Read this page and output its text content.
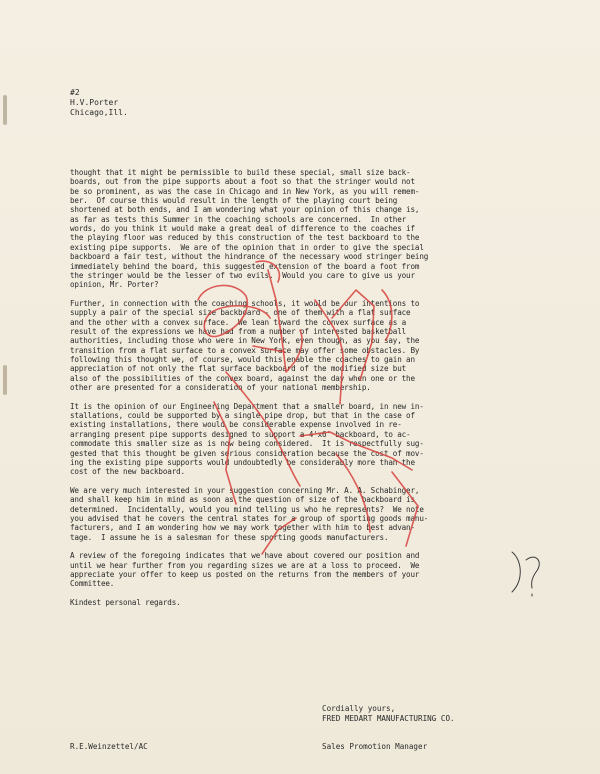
#2
H.V.Porter
Chicago,Ill.
thought that it might be permissible to build these special, small size back-
boards, out from the pipe supports about a foot so that the stringer would not
be so prominent, as was the case in Chicago and in New York, as you will remem-
ber.  Of course this would result in the length of the playing court being
shortened at both ends, and I am wondering what your opinion of this change is,
as far as tests this Summer in the coaching schools are concerned.  In other
words, do you think it would make a great deal of difference to the coaches if
the playing floor was reduced by this construction of the test backboard to the
existing pipe supports.  We are of the opinion that in order to give the special
backboard a fair test, without the hindrance of the necessary wood stringer being
immediately behind the board, this suggested extension of the board a foot from
the stringer would be the lesser of two evils.  Would you care to give us your
opinion, Mr. Porter?
Further, in connection with the coaching schools, it would be our intentions to
supply a pair of the special size backboard - one of them with a flat surface
and the other with a convex surface.  We lean toward the convex surface as a
result of the expressions we have had from a number of interested basketball
authorities, including those who were in New York, even though, as you say, the
transition from a flat surface to a convex surface may offer some obstacles. By
following this thought we, of course, would this enable the coaches to gain an
appreciation of not only the flat surface backboard of the modified size but
also of the possibilities of the convex board, against the day when one or the
other are presented for a consideration of your national membership.
It is the opinion of our Engineering Department that a smaller board, in new in-
stallations, could be supported by a single pipe drop, but that in the case of
existing installations, there would be considerable expense involved in re-
arranging present pipe supports designed to support a 4'x6' backboard, to ac-
commodate this smaller size as is now being considered.  It is respectfully sug-
gested that this thought be given serious consideration because the cost of mov-
ing the existing pipe supports would undoubtedly be considerably more than the
cost of the new backboard.
We are very much interested in your suggestion concerning Mr. A. A. Schabinger,
and shall keep him in mind as soon as the question of size of the backboard is
determined.  Incidentally, would you mind telling us who he represents?  We note
you advised that he covers the central states for a group of sporting goods manu-
facturers, and I am wondering how we may work together with him to best advan-
tage.  I assume he is a salesman for these sporting goods manufacturers.
A review of the foregoing indicates that we have about covered our position and
until we hear further from you regarding sizes we are at a loss to proceed.  We
appreciate your offer to keep us posted on the returns from the members of your
Committee.
Kindest personal regards.
Cordially yours,
FRED MEDART MANUFACTURING CO.
Sales Promotion Manager
R.E.Weinzettel/AC
